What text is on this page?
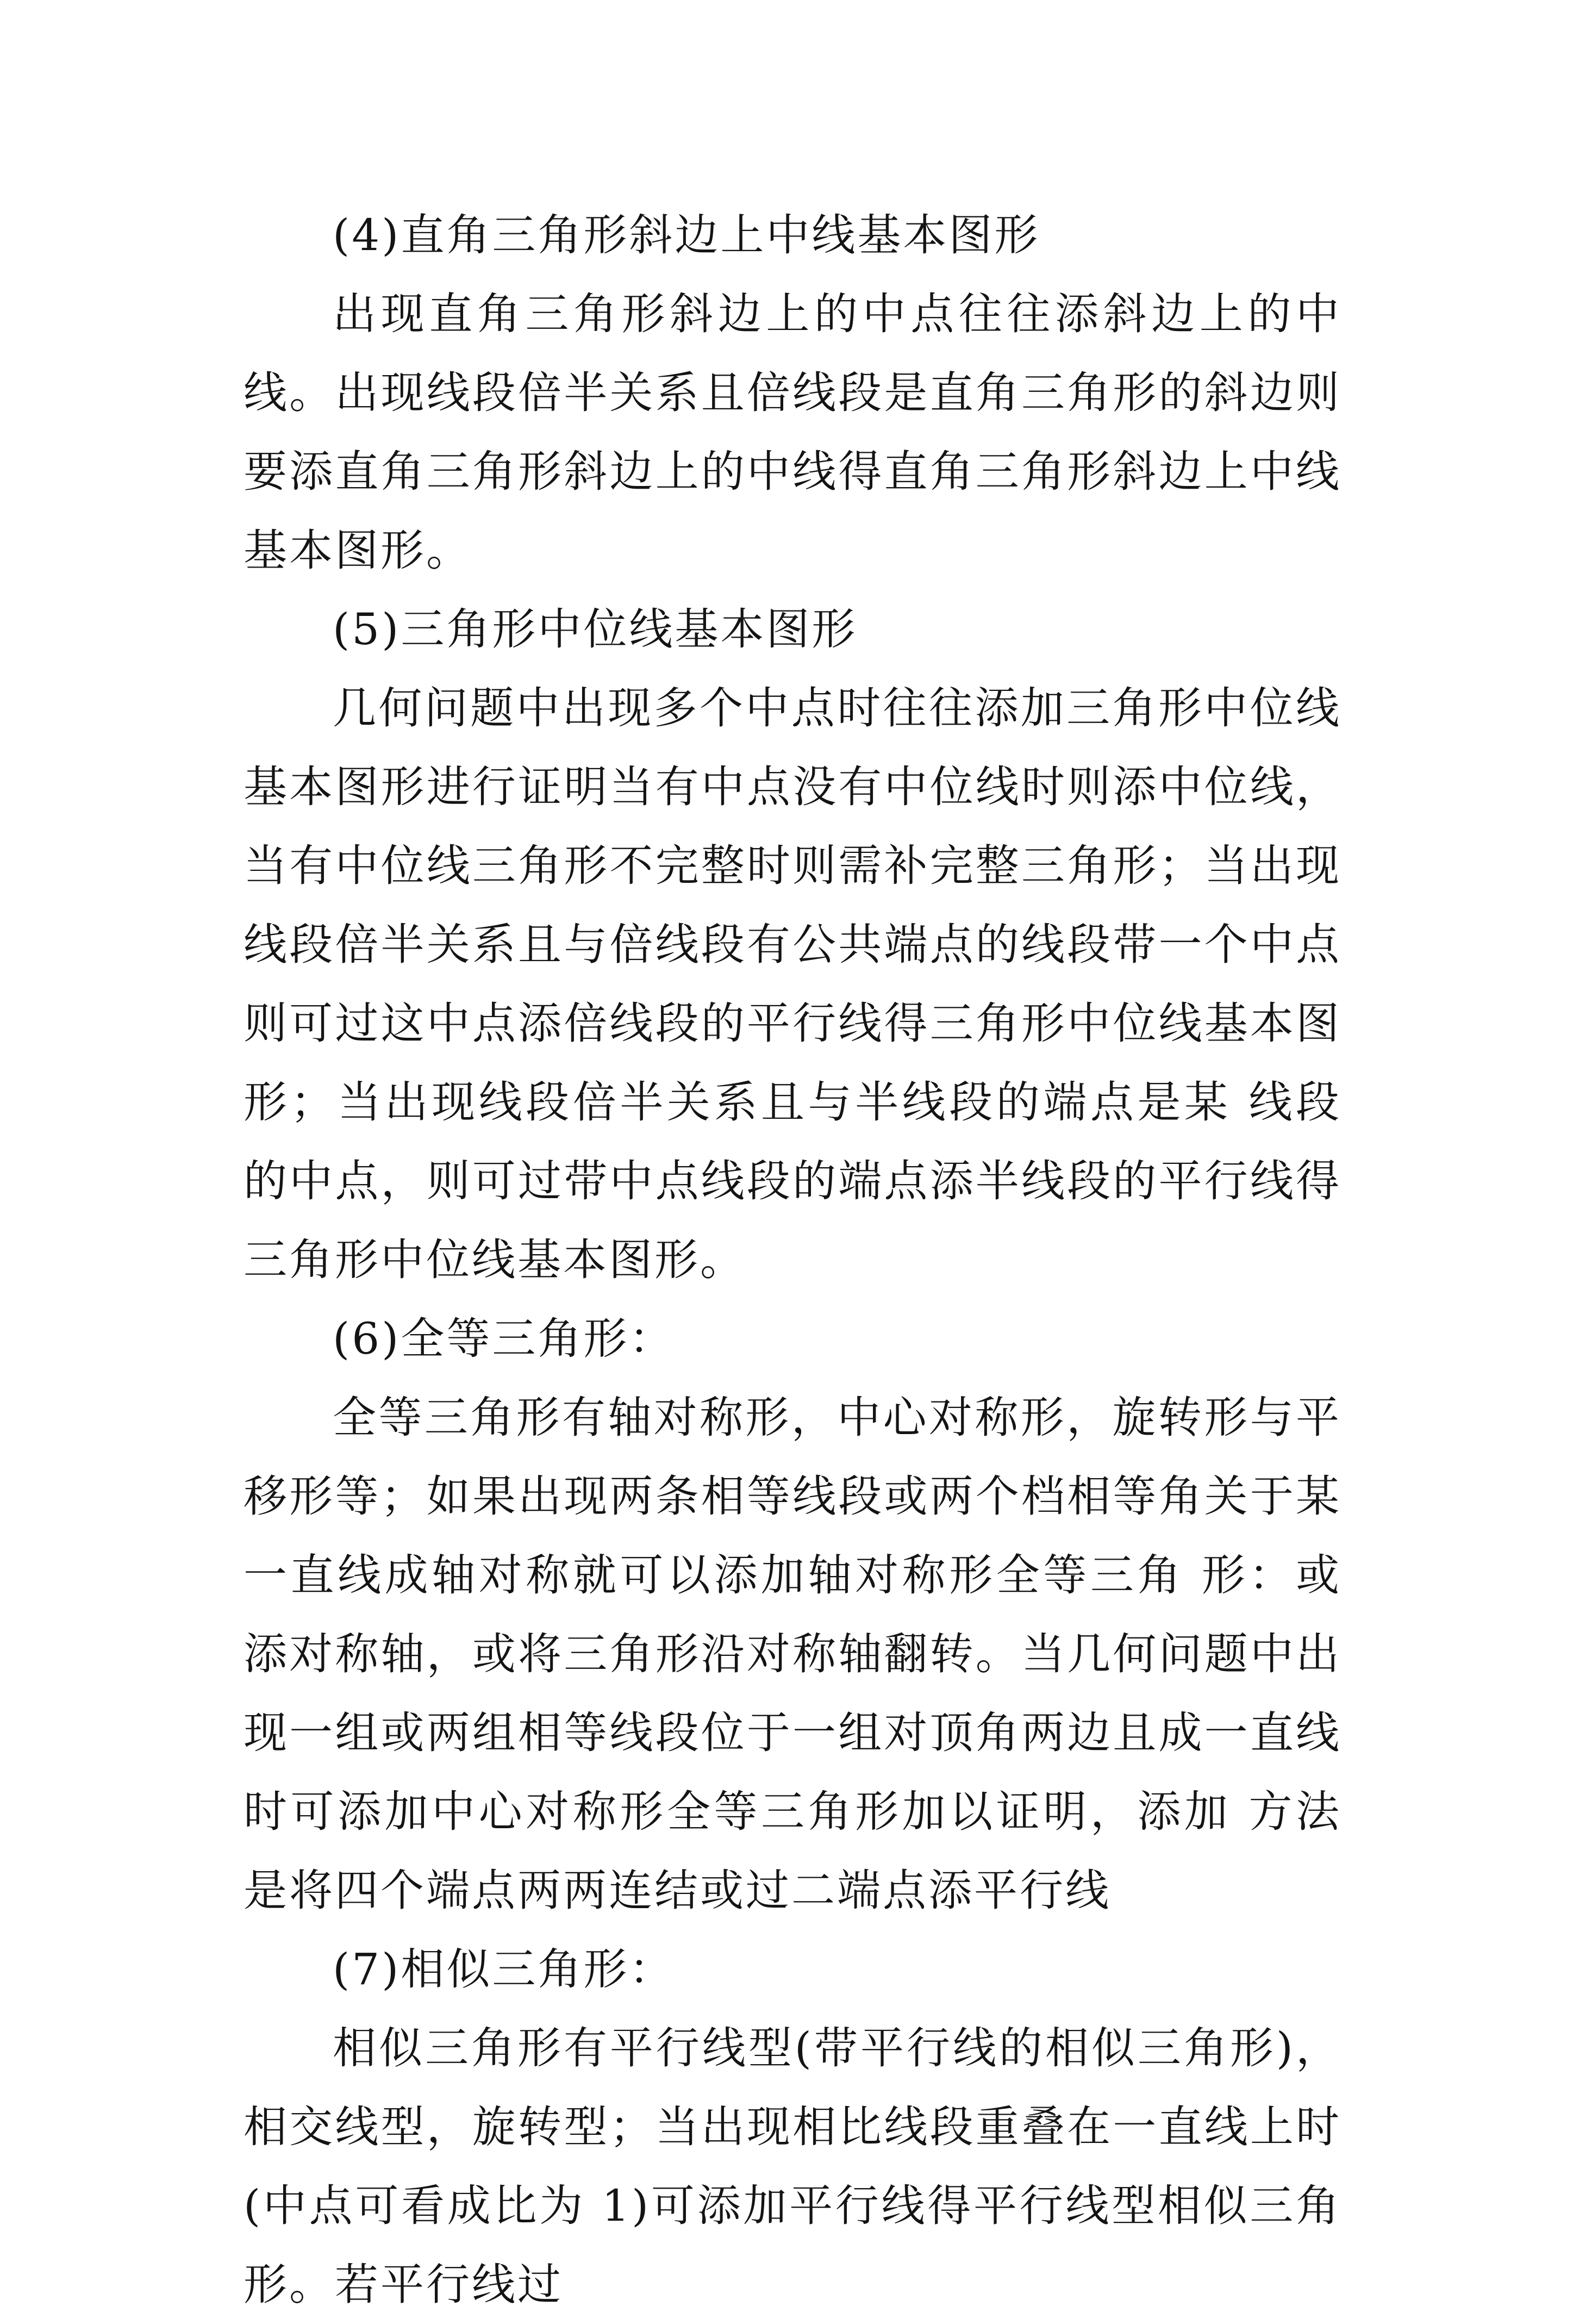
(4)直角三角形斜边上中线基本图形

出现直角三角形斜边上的中点往往添斜边上的中线。出现线段倍半关系且倍线段是直角三角形的斜边则要添直角三角形斜边上的中线得直角三角形斜边上中线基本图形。

(5)三角形中位线基本图形

几何问题中出现多个中点时往往添加三角形中位线基本图形进行证明当有中点没有中位线时则添中位线，当有中位线三角形不完整时则需补完整三角形；当出现线段倍半关系且与倍线段有公共端点的线段带一个中点则可过这中点添倍线段的平行线得三角形中位线基本图形；当出现线段倍半关系且与半线段的端点是某 线段的中点，则可过带中点线段的端点添半线段的平行线得三角形中位线基本图形。

(6)全等三角形：

全等三角形有轴对称形，中心对称形，旋转形与平移形等；如果出现两条相等线段或两个档相等角关于某一直线成轴对称就可以添加轴对称形全等三角 形：或添对称轴，或将三角形沿对称轴翻转。当几何问题中出现一组或两组相等线段位于一组对顶角两边且成一直线时可添加中心对称形全等三角形加以证明，添加 方法是将四个端点两两连结或过二端点添平行线

(7)相似三角形：

相似三角形有平行线型(带平行线的相似三角形)，相交线型，旋转型；当出现相比线段重叠在一直线上时(中点可看成比为 1)可添加平行线得平行线型相似三角形。若平行线过
